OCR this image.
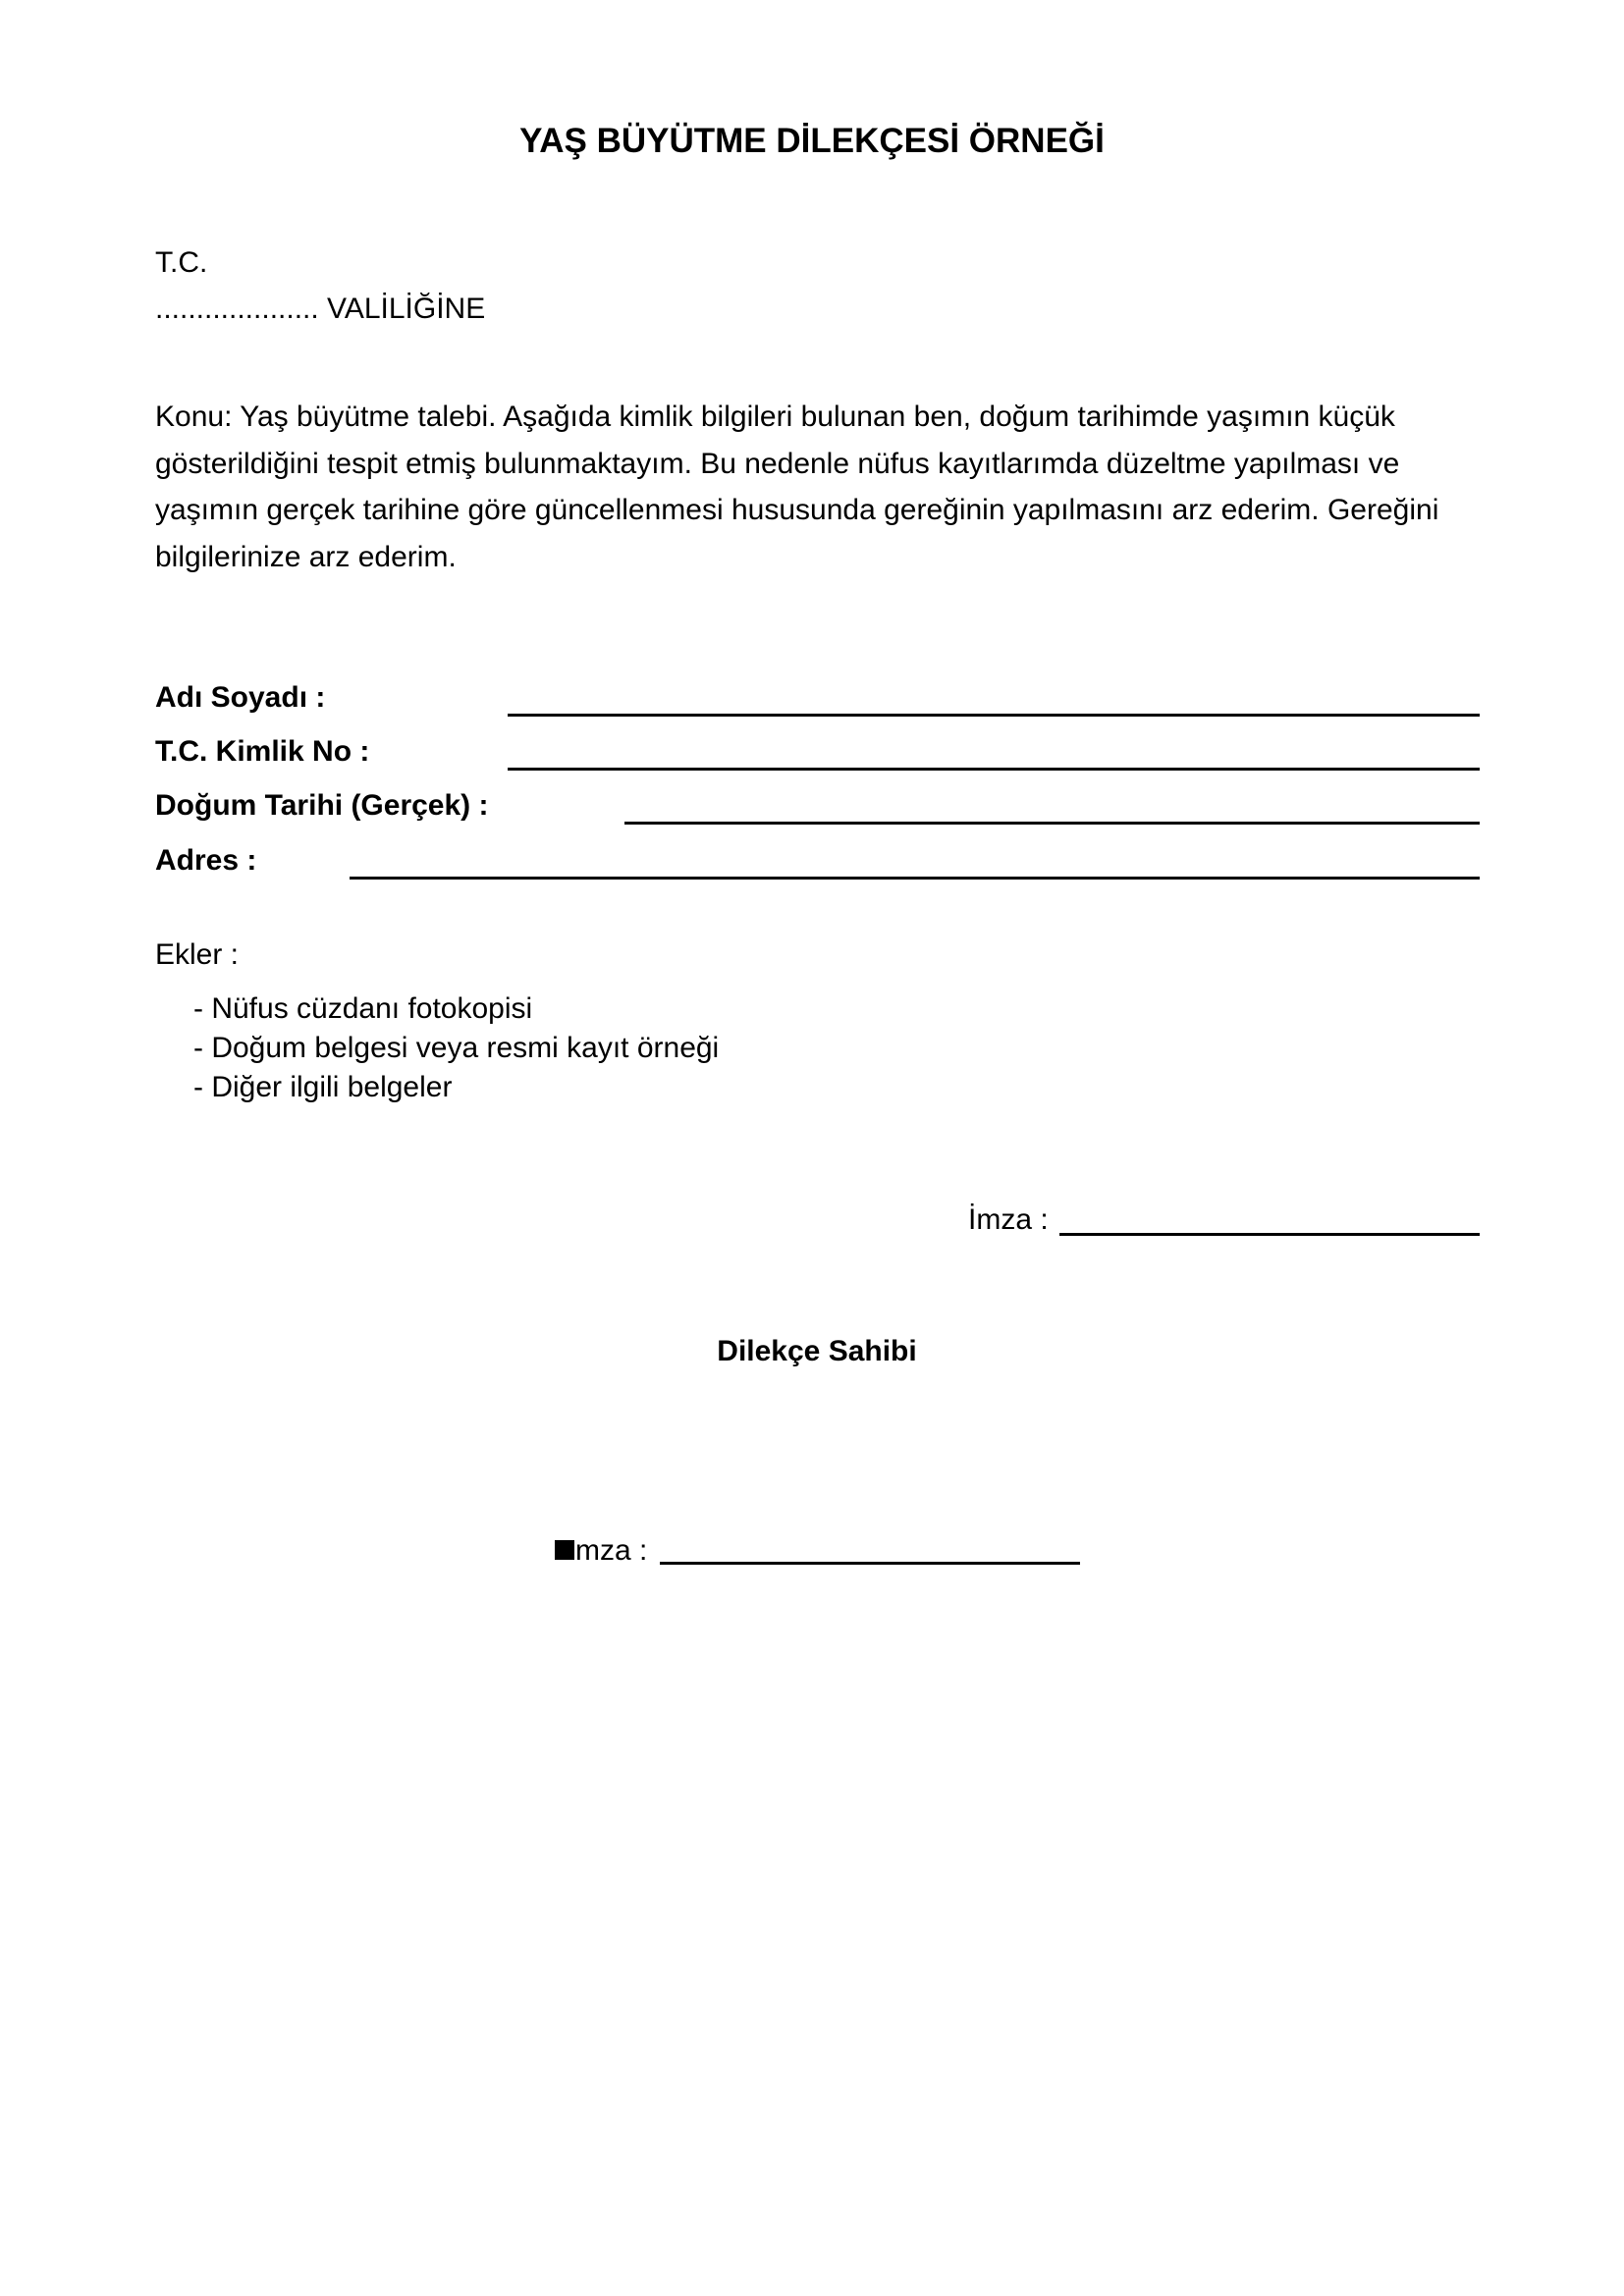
YAŞ BÜYÜTME DİLEKÇESİ ÖRNEĞİ
T.C.
.................... VALİLİĞİNE
Konu: Yaş büyütme talebi. Aşağıda kimlik bilgileri bulunan ben, doğum tarihimde yaşımın küçük gösterildiğini tespit etmiş bulunmaktayım. Bu nedenle nüfus kayıtlarımda düzeltme yapılması ve yaşımın gerçek tarihine göre güncellenmesi hususunda gereğinin yapılmasını arz ederim. Gereğini bilgilerinize arz ederim.
Adı Soyadı :
T.C. Kimlik No :
Doğum Tarihi (Gerçek) :
Adres :
Ekler :
- Nüfus cüzdanı fotokopisi
- Doğum belgesi veya resmi kayıt örneği
- Diğer ilgili belgeler
İmza :
Dilekçe Sahibi
mza :
